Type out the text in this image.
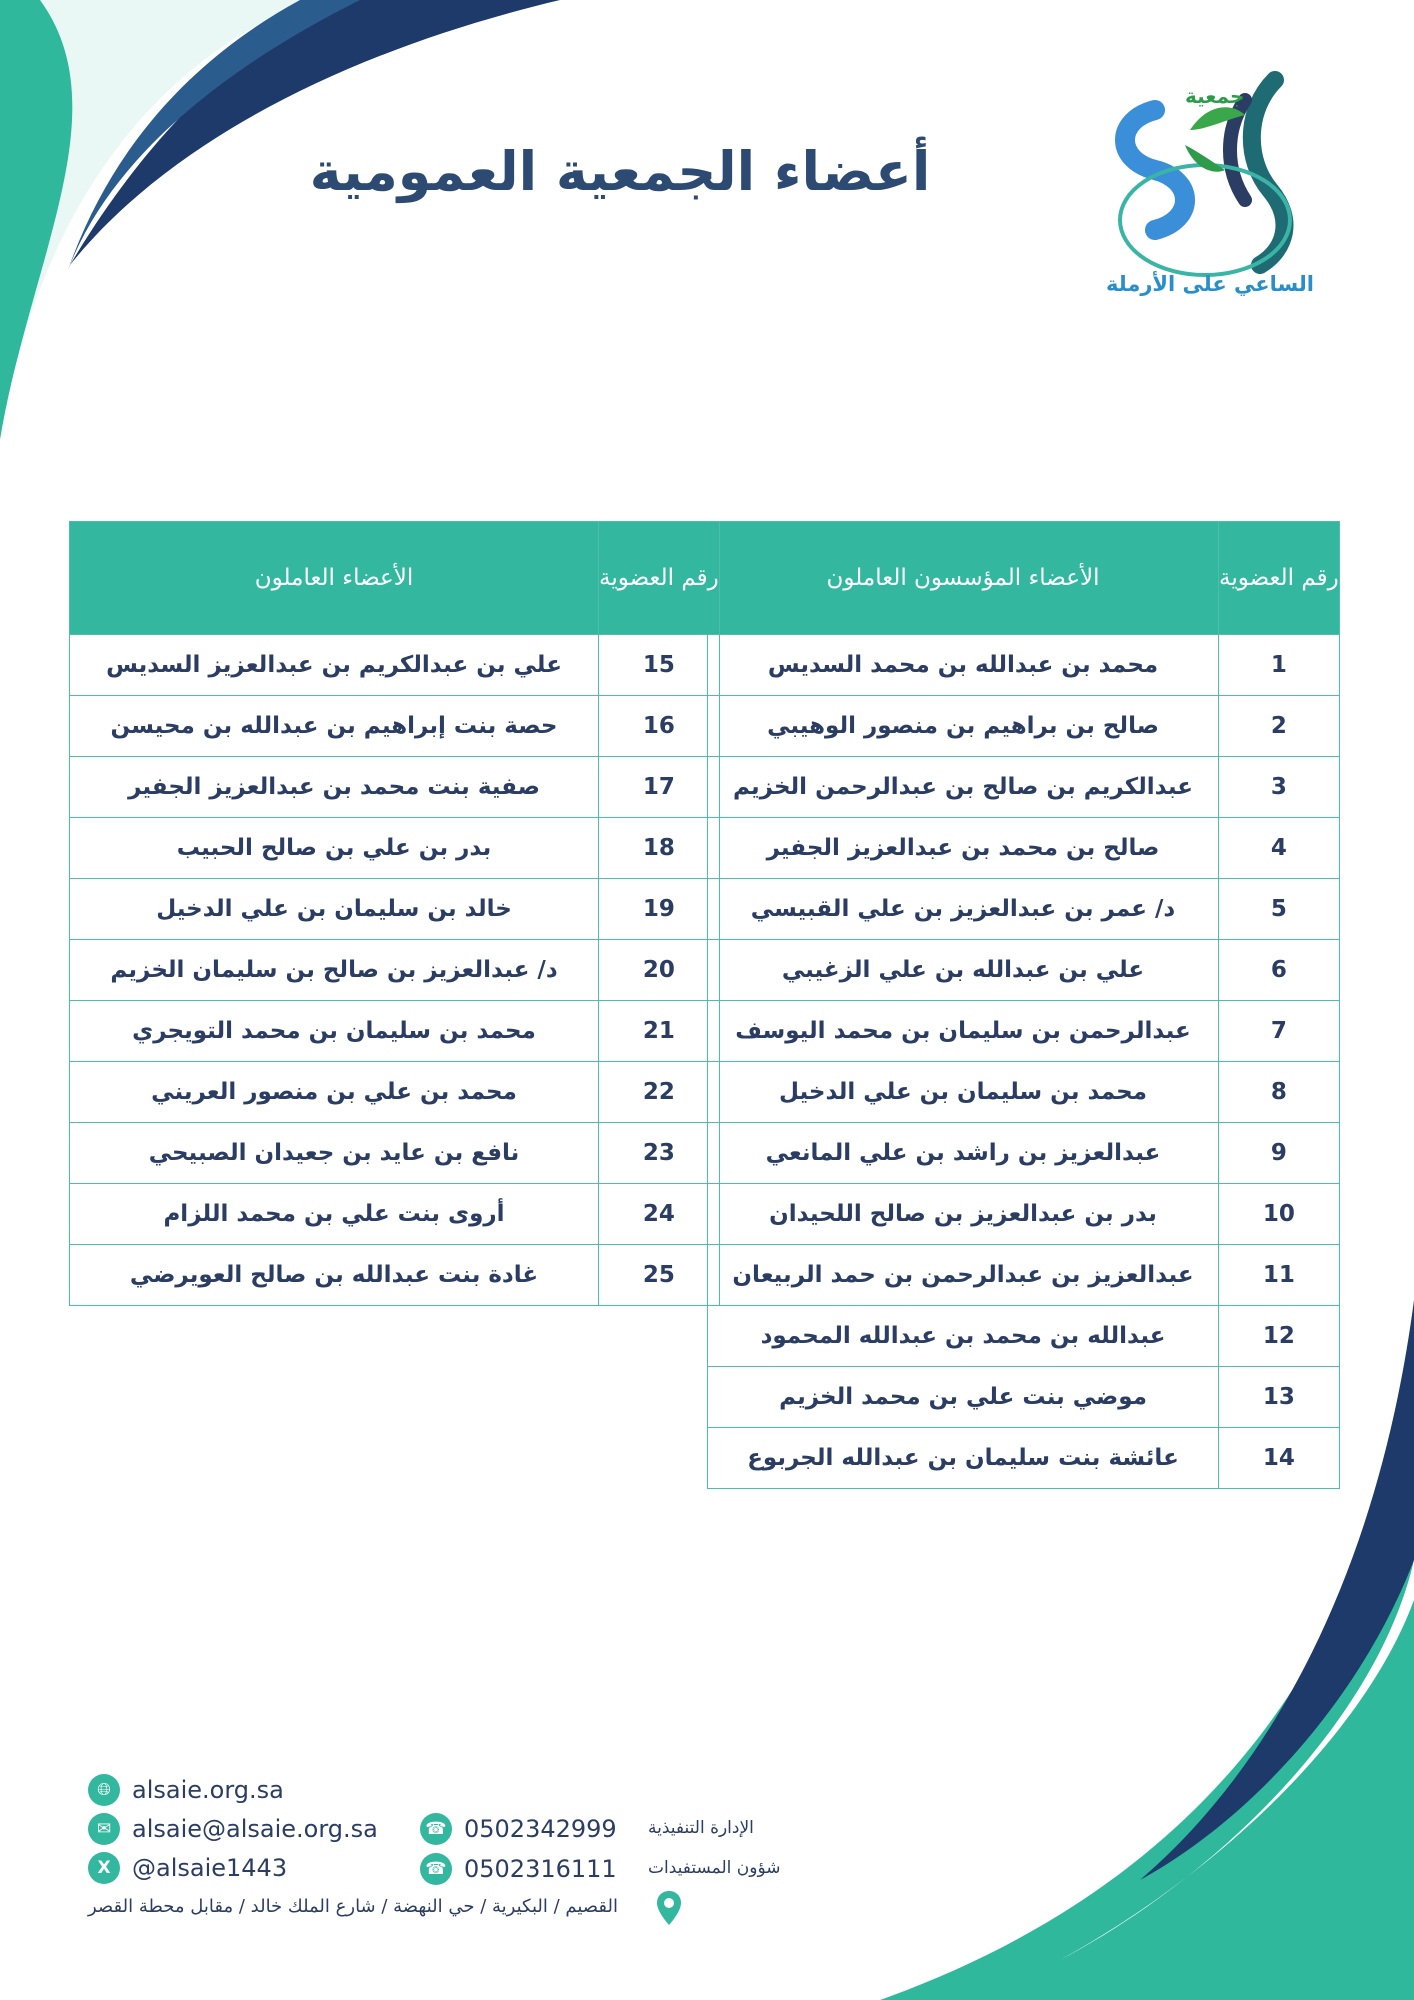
أعضاء الجمعية العمومية
جمعية
الساعي على الأرملة
رقم العضوية	الأعضاء المؤسسون العاملون
1	محمد بن عبدالله بن محمد السديس
2	صالح بن براهيم بن منصور الوهيبي
3	عبدالكريم بن صالح بن عبدالرحمن الخزيم
4	صالح بن محمد بن عبدالعزيز الجفير
5	د/ عمر بن عبدالعزيز بن علي القبيسي
6	علي بن عبدالله بن علي الزغيبي
7	عبدالرحمن بن سليمان بن محمد اليوسف
8	محمد بن سليمان بن علي الدخيل
9	عبدالعزيز بن راشد بن علي المانعي
10	بدر بن عبدالعزيز بن صالح اللحيدان
11	عبدالعزيز بن عبدالرحمن بن حمد الربيعان
12	عبدالله بن محمد بن عبدالله المحمود
13	موضي بنت علي بن محمد الخزيم
14	عائشة بنت سليمان بن عبدالله الجربوع
رقم العضوية	الأعضاء العاملون
15	علي بن عبدالكريم بن عبدالعزيز السديس
16	حصة بنت إبراهيم بن عبدالله بن محيسن
17	صفية بنت محمد بن عبدالعزيز الجفير
18	بدر بن علي بن صالح الحبيب
19	خالد بن سليمان بن علي الدخيل
20	د/ عبدالعزيز بن صالح بن سليمان الخزيم
21	محمد بن سليمان بن محمد التويجري
22	محمد بن علي بن منصور العريني
23	نافع بن عايد بن جعيدان الصبيحي
24	أروى بنت علي بن محمد اللزام
25	غادة بنت عبدالله بن صالح العويرضي
🌐︎ alsaie.org.sa
✉ alsaie@alsaie.org.sa
X @alsaie1443
☎ 0502342999
☎ 0502316111
الإدارة التنفيذية
شؤون المستفيدات
القصيم / البكيرية / حي النهضة / شارع الملك خالد / مقابل محطة القصر
